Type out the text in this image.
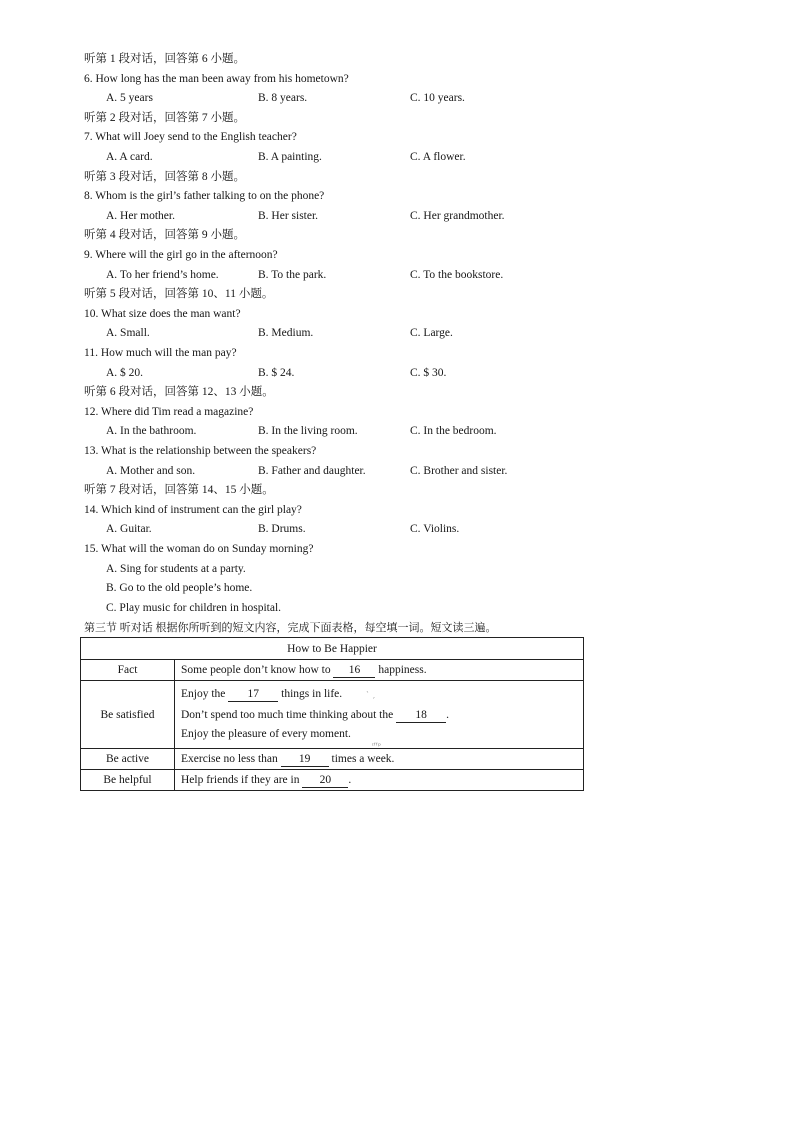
听第 1 段对话，回答第 6 小题。
6. How long has the man been away from his hometown?
A. 5 years	B. 8 years.	C. 10 years.
听第 2 段对话，回答第 7 小题。
7. What will Joey send to the English teacher?
A. A card.	B. A painting.	C. A flower.
听第 3 段对话，回答第 8 小题。
8. Whom is the girl’s father talking to on the phone?
A. Her mother.	B. Her sister.	C. Her grandmother.
听第 4 段对话，回答第 9 小题。
9. Where will the girl go in the afternoon?
A. To her friend’s home.	B. To the park.	C. To the bookstore.
听第 5 段对话，回答第 10、11 小题。
10. What size does the man want?
A. Small.	B. Medium.	C. Large.
11. How much will the man pay?
A. $ 20.	B. $ 24.	C. $ 30.
听第 6 段对话，回答第 12、13 小题。
12. Where did Tim read a magazine?
A. In the bathroom.	B. In the living room.	C. In the bedroom.
13. What is the relationship between the speakers?
A. Mother and son.	B. Father and daughter.	C. Brother and sister.
听第 7 段对话，回答第 14、15 小题。
14. Which kind of instrument can the girl play?
A. Guitar.	B. Drums.	C. Violins.
15. What will the woman do on Sunday morning?
A. Sing for students at a party.
B. Go to the old people’s home.
C. Play music for children in hospital.
第三节 听对话 根据你所听到的短文内容，完成下面表格，每空填一词。短文读三遍。
How to Be Happier	
Fact	Some people don’t know how to 16 happiness.

Be satisfied	Enjoy the 17 things in life.
Don’t spend too much time thinking about the 18 .
Enjoy the pleasure of every moment.

Be active	Exercise no less than 19 times a week.

Be helpful	Help friends if they are in 20 .
ˋ ˏ
ᶦᶠᶠᵖ
